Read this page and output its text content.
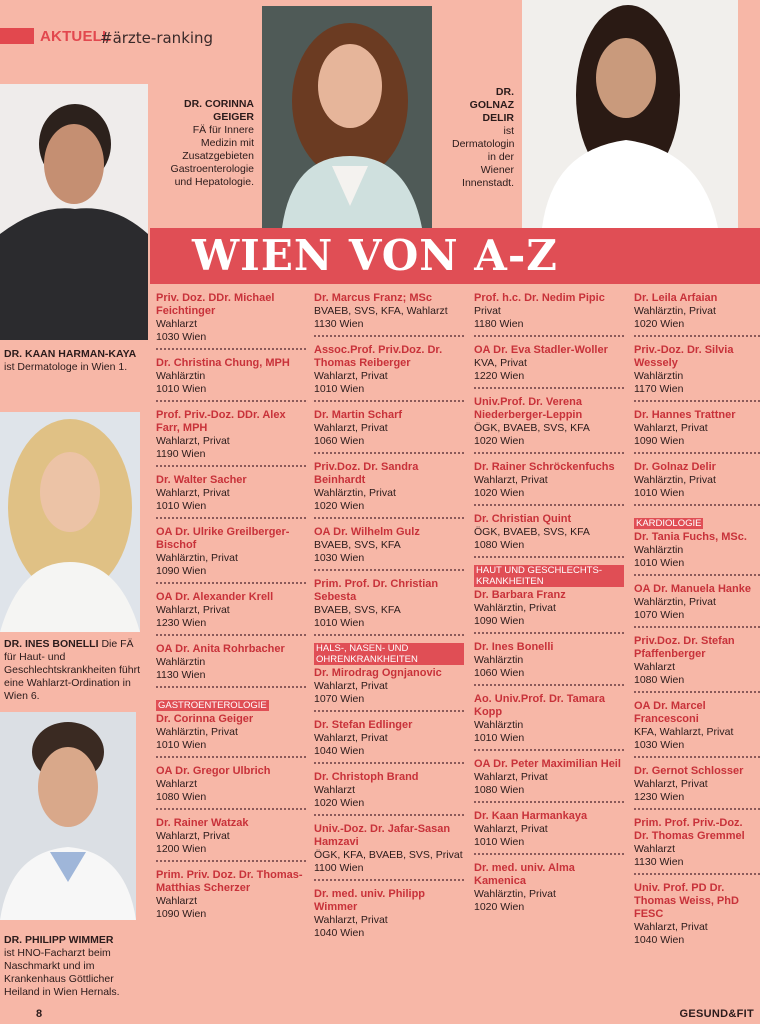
AKTUELL
#ärzte-ranking
DR. CORINNA GEIGER
FÄ für Innere Medizin mit Zusatzgebieten Gastroenterologie und Hepatologie.
DR. GOLNAZ DELIR
ist Dermatologin in der Wiener Innenstadt.
DR. KAAN HARMAN-KAYA ist Dermatologe in Wien 1.
DR. INES BONELLI Die FÄ für Haut- und Geschlechtskrankheiten führt eine Wahlarzt-Ordination in Wien 6.
DR. PHILIPP WIMMER
ist HNO-Facharzt beim Naschmarkt und im Krankenhaus Göttlicher Heiland in Wien Hernals.
WIEN VON A-Z
Priv. Doz. DDr. Michael Feichtinger
Wahlarzt
1030 Wien
Dr. Christina Chung, MPH
Wahlärztin
1010 Wien
Prof. Priv.-Doz. DDr. Alex Farr, MPH
Wahlarzt, Privat
1190 Wien
Dr. Walter Sacher
Wahlarzt, Privat
1010 Wien
OA Dr. Ulrike Greilberger-Bischof
Wahlärztin, Privat
1090 Wien
OA Dr. Alexander Krell
Wahlarzt, Privat
1230 Wien
OA Dr. Anita Rohrbacher
Wahlärztin
1130 Wien
GASTROENTEROLOGIE
Dr. Corinna Geiger
Wahlärztin, Privat
1010 Wien
OA Dr. Gregor Ulbrich
Wahlarzt
1080 Wien
Dr. Rainer Watzak
Wahlarzt, Privat
1200 Wien
Prim. Priv. Doz. Dr. Thomas-Matthias Scherzer
Wahlarzt
1090 Wien
Dr. Marcus Franz; MSc
BVAEB, SVS, KFA, Wahlarzt
1130 Wien
Assoc.Prof. Priv.Doz. Dr. Thomas Reiberger
Wahlarzt, Privat
1010 Wien
Dr. Martin Scharf
Wahlarzt, Privat
1060 Wien
Priv.Doz. Dr. Sandra Beinhardt
Wahlärztin, Privat
1020 Wien
OA Dr. Wilhelm Gulz
BVAEB, SVS, KFA
1030 Wien
Prim. Prof. Dr. Christian Sebesta
BVAEB, SVS, KFA
1010 Wien
HALS-, NASEN- UND OHRENKRANKHEITEN
Dr. Mirodrag Ognjanovic
Wahlarzt, Privat
1070 Wien
Dr. Stefan Edlinger
Wahlarzt, Privat
1040 Wien
Dr. Christoph Brand
Wahlarzt
1020 Wien
Univ.-Doz. Dr. Jafar-Sasan Hamzavi
ÖGK, KFA, BVAEB, SVS, Privat
1100 Wien
Dr. med. univ. Philipp Wimmer
Wahlarzt, Privat
1040 Wien
Prof. h.c. Dr. Nedim Pipic
Privat
1180 Wien
OA Dr. Eva Stadler-Woller
KVA, Privat
1220 Wien
Univ.Prof. Dr. Verena Niederberger-Leppin
ÖGK, BVAEB, SVS, KFA
1020 Wien
Dr. Rainer Schröckenfuchs
Wahlarzt, Privat
1020 Wien
Dr. Christian Quint
ÖGK, BVAEB, SVS, KFA
1080 Wien
HAUT UND GESCHLECHTS-KRANKHEITEN
Dr. Barbara Franz
Wahlärztin, Privat
1090 Wien
Dr. Ines Bonelli
Wahlärztin
1060 Wien
Ao. Univ.Prof. Dr. Tamara Kopp
Wahlärztin
1010 Wien
OA Dr. Peter Maximilian Heil
Wahlarzt, Privat
1080 Wien
Dr. Kaan Harmankaya
Wahlarzt, Privat
1010 Wien
Dr. med. univ. Alma Kamenica
Wahlärztin, Privat
1020 Wien
Dr. Leila Arfaian
Wahlärztin, Privat
1020 Wien
Priv.-Doz. Dr. Silvia Wessely
Wahlärztin
1170 Wien
Dr. Hannes Trattner
Wahlarzt, Privat
1090 Wien
Dr. Golnaz Delir
Wahlärztin, Privat
1010 Wien
KARDIOLOGIE
Dr. Tania Fuchs, MSc.
Wahlärztin
1010 Wien
OA Dr. Manuela Hanke
Wahlärztin, Privat
1070 Wien
Priv.Doz. Dr. Stefan Pfaffenberger
Wahlarzt
1080 Wien
OA Dr. Marcel Francesconi
KFA, Wahlarzt, Privat
1030 Wien
Dr. Gernot Schlosser
Wahlarzt, Privat
1230 Wien
Prim. Prof. Priv.-Doz. Dr. Thomas Gremmel
Wahlarzt
1130 Wien
Univ. Prof. PD Dr. Thomas Weiss, PhD FESC
Wahlarzt, Privat
1040 Wien
8	GESUND&FIT
